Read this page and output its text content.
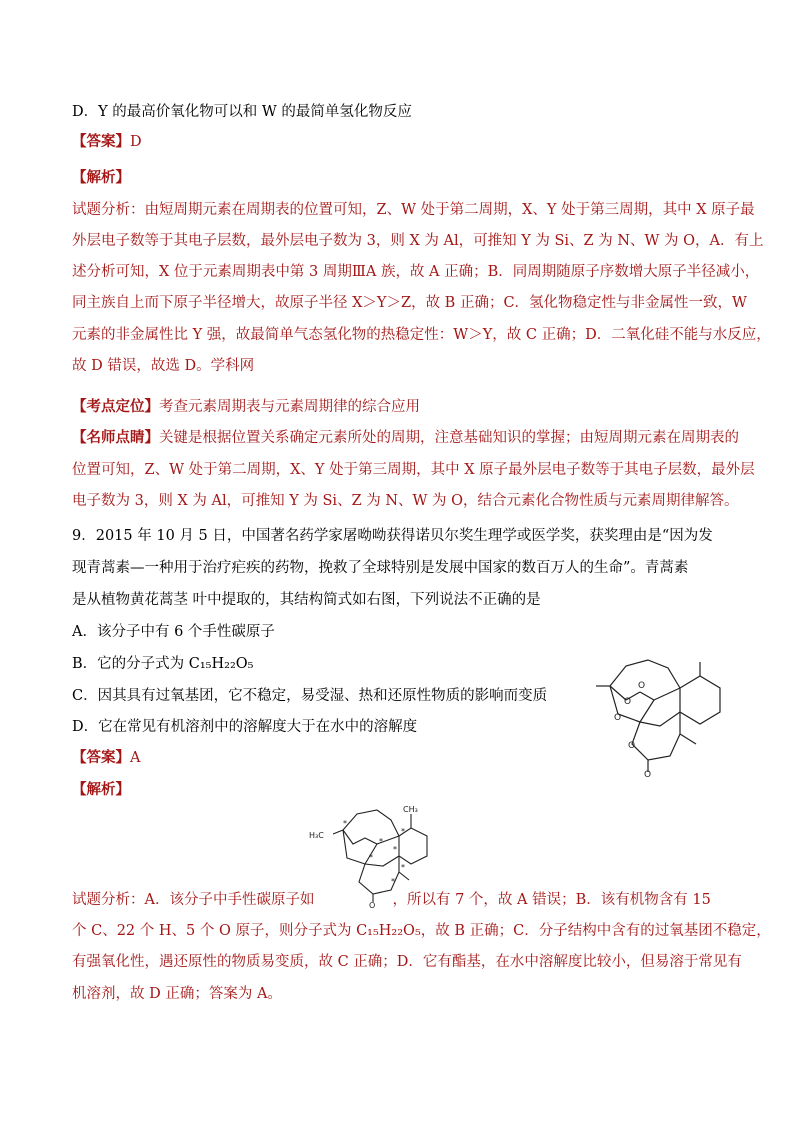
D．Y 的最高价氧化物可以和 W 的最简单氢化物反应
【答案】D
【解析】
试题分析：由短周期元素在周期表的位置可知，Z、W 处于第二周期，X、Y 处于第三周期，其中 X 原子最
外层电子数等于其电子层数，最外层电子数为 3，则 X 为 Al，可推知 Y 为 Si、Z 为 N、W 为 O，A．有上
述分析可知，X 位于元素周期表中第 3 周期ⅢA 族，故 A 正确；B．同周期随原子序数增大原子半径减小，
同主族自上而下原子半径增大，故原子半径 X＞Y＞Z，故 B 正确；C．氢化物稳定性与非金属性一致，W
元素的非金属性比 Y 强，故最简单气态氢化物的热稳定性：W＞Y，故 C 正确；D．二氧化硅不能与水反应，
故 D 错误，故选 D。学科网
【考点定位】考查元素周期表与元素周期律的综合应用
【名师点睛】关键是根据位置关系确定元素所处的周期，注意基础知识的掌握；由短周期元素在周期表的
位置可知，Z、W 处于第二周期，X、Y 处于第三周期，其中 X 原子最外层电子数等于其电子层数，最外层
电子数为 3，则 X 为 Al，可推知 Y 为 Si、Z 为 N、W 为 O，结合元素化合物性质与元素周期律解答。
9．2015 年 10 月 5 日，中国著名药学家屠呦呦获得诺贝尔奖生理学或医学奖，获奖理由是“因为发
现青蒿素—一种用于治疗疟疾的药物，挽救了全球特别是发展中国家的数百万人的生命”。青蒿素
是从植物黄花蒿茎 叶中提取的，其结构简式如右图，下列说法不正确的是
A．该分子中有 6 个手性碳原子
B．它的分子式为 C₁₅H₂₂O₅
C．因其具有过氧基团，它不稳定，易受湿、热和还原性物质的影响而变质
D．它在常见有机溶剂中的溶解度大于在水中的溶解度
O
O
O
O
O
【答案】A
【解析】
CH₃
H₃C
O
*
*
*
*
*
*
*
试题分析：A．该分子中手性碳原子如	，所以有 7 个，故 A 错误；B．该有机物含有 15
个 C、22 个 H、5 个 O 原子，则分子式为 C₁₅H₂₂O₅，故 B 正确；C．分子结构中含有的过氧基团不稳定，
有强氧化性，遇还原性的物质易变质，故 C 正确；D．它有酯基，在水中溶解度比较小，但易溶于常见有
机溶剂，故 D 正确；答案为 A。
